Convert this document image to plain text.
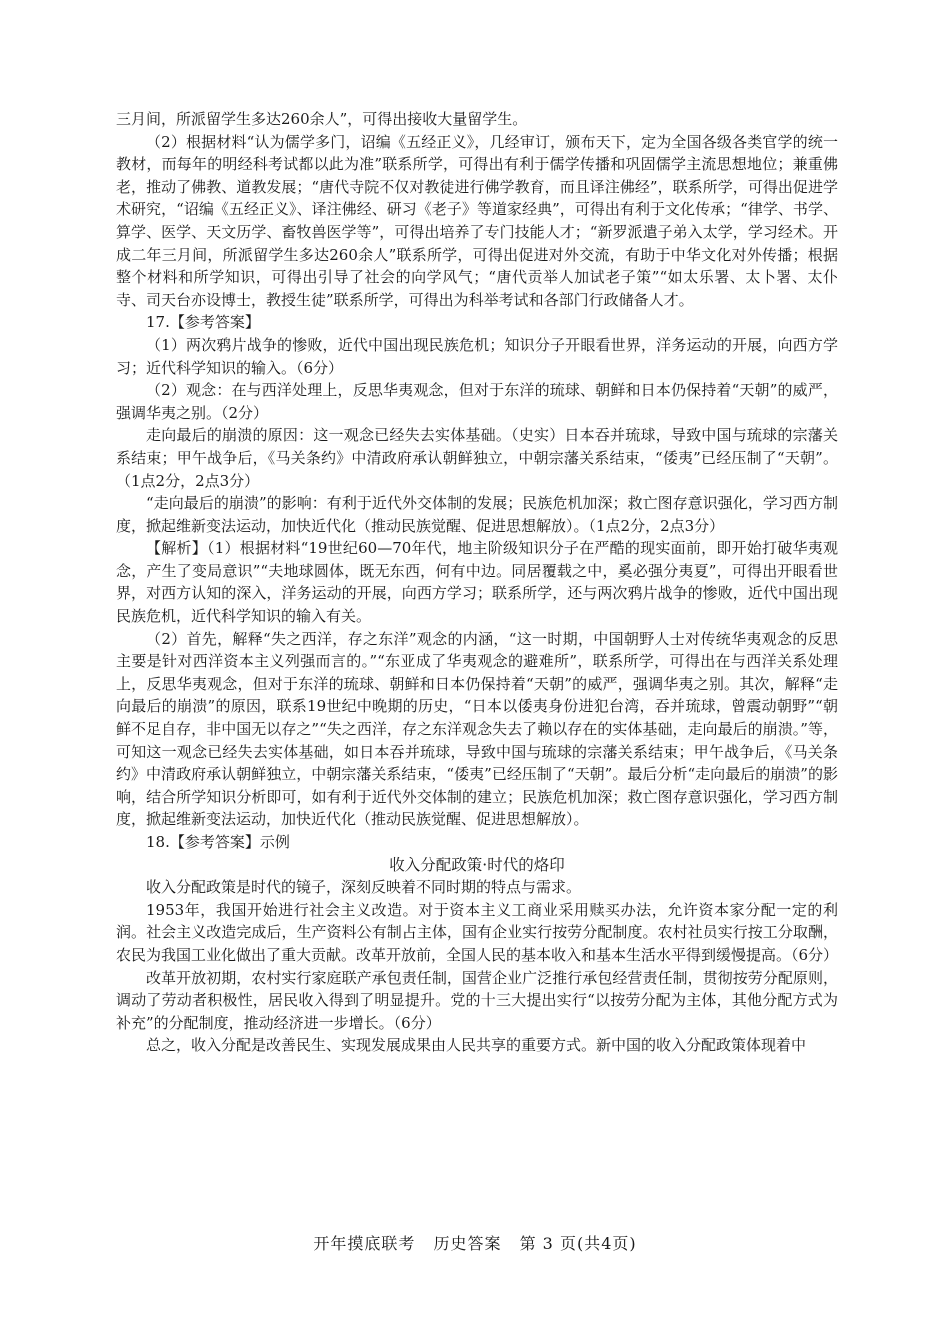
三月间，所派留学生多达260余人”，可得出接收大量留学生。

（2）根据材料“认为儒学多门，诏编《五经正义》，几经审订，颁布天下，定为全国各级各类官学的统一教材，而每年的明经科考试都以此为准”联系所学，可得出有利于儒学传播和巩固儒学主流思想地位；兼重佛老，推动了佛教、道教发展；“唐代寺院不仅对教徒进行佛学教育，而且译注佛经”，联系所学，可得出促进学术研究，“诏编《五经正义》、译注佛经、研习《老子》等道家经典”，可得出有利于文化传承；“律学、书学、算学、医学、天文历学、畜牧兽医学等”，可得出培养了专门技能人才；“新罗派遣子弟入太学，学习经术。开成二年三月间，所派留学生多达260余人”联系所学，可得出促进对外交流，有助于中华文化对外传播；根据整个材料和所学知识，可得出引导了社会的向学风气；“唐代贡举人加试老子策”“如太乐署、太卜署、太仆寺、司天台亦设博士，教授生徒”联系所学，可得出为科举考试和各部门行政储备人才。

17.【参考答案】

（1）两次鸦片战争的惨败，近代中国出现民族危机；知识分子开眼看世界，洋务运动的开展，向西方学习；近代科学知识的输入。（6分）

（2）观念：在与西洋处理上，反思华夷观念，但对于东洋的琉球、朝鲜和日本仍保持着“天朝”的威严，强调华夷之别。（2分）

走向最后的崩溃的原因：这一观念已经失去实体基础。（史实）日本吞并琉球，导致中国与琉球的宗藩关系结束；甲午战争后，《马关条约》中清政府承认朝鲜独立，中朝宗藩关系结束，“倭夷”已经压制了“天朝”。（1点2分，2点3分）

“走向最后的崩溃”的影响：有利于近代外交体制的发展；民族危机加深；救亡图存意识强化，学习西方制度，掀起维新变法运动，加快近代化（推动民族觉醒、促进思想解放）。（1点2分，2点3分）

【解析】（1）根据材料“19世纪60—70年代，地主阶级知识分子在严酷的现实面前，即开始打破华夷观念，产生了变局意识”“夫地球圆体，既无东西，何有中边。同居覆载之中，奚必强分夷夏”，可得出开眼看世界，对西方认知的深入，洋务运动的开展，向西方学习；联系所学，还与两次鸦片战争的惨败，近代中国出现民族危机，近代科学知识的输入有关。

（2）首先，解释“失之西洋，存之东洋”观念的内涵，“这一时期，中国朝野人士对传统华夷观念的反思主要是针对西洋资本主义列强而言的。”“东亚成了华夷观念的避难所”，联系所学，可得出在与西洋关系处理上，反思华夷观念，但对于东洋的琉球、朝鲜和日本仍保持着“天朝”的威严，强调华夷之别。其次，解释“走向最后的崩溃”的原因，联系19世纪中晚期的历史，“日本以倭夷身份进犯台湾，吞并琉球，曾震动朝野”“朝鲜不足自存，非中国无以存之”“失之西洋，存之东洋观念失去了赖以存在的实体基础，走向最后的崩溃。”等，可知这一观念已经失去实体基础，如日本吞并琉球，导致中国与琉球的宗藩关系结束；甲午战争后，《马关条约》中清政府承认朝鲜独立，中朝宗藩关系结束，“倭夷”已经压制了“天朝”。最后分析“走向最后的崩溃”的影响，结合所学知识分析即可，如有利于近代外交体制的建立；民族危机加深；救亡图存意识强化，学习西方制度，掀起维新变法运动，加快近代化（推动民族觉醒、促进思想解放）。

18.【参考答案】示例

收入分配政策·时代的烙印

收入分配政策是时代的镜子，深刻反映着不同时期的特点与需求。

1953年，我国开始进行社会主义改造。对于资本主义工商业采用赎买办法，允许资本家分配一定的利润。社会主义改造完成后，生产资料公有制占主体，国有企业实行按劳分配制度。农村社员实行按工分取酬，农民为我国工业化做出了重大贡献。改革开放前，全国人民的基本收入和基本生活水平得到缓慢提高。（6分）

改革开放初期，农村实行家庭联产承包责任制，国营企业广泛推行承包经营责任制，贯彻按劳分配原则，调动了劳动者积极性，居民收入得到了明显提升。党的十三大提出实行“以按劳分配为主体，其他分配方式为补充”的分配制度，推动经济进一步增长。（6分）

总之，收入分配是改善民生、实现发展成果由人民共享的重要方式。新中国的收入分配政策体现着中

开年摸底联考 历史答案 第 3 页(共4页)
